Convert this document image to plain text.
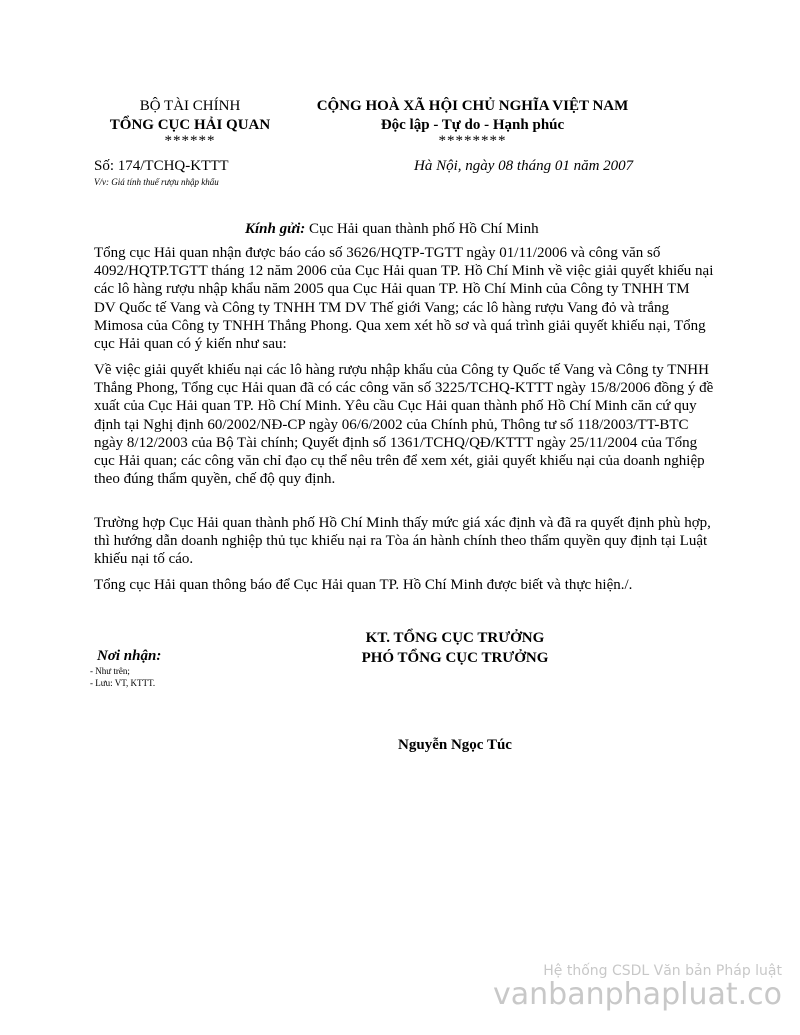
BỘ TÀI CHÍNH
TỔNG CỤC HẢI QUAN
******
CỘNG HOÀ XÃ HỘI CHỦ NGHĨA VIỆT NAM
Độc lập - Tự do - Hạnh phúc
********
Số: 174/TCHQ-KTTT
V/v: Giá tính thuế rượu nhập khẩu
Hà Nội, ngày 08 tháng 01 năm 2007
Kính gửi: Cục Hải quan thành phố Hồ Chí Minh
Tổng cục Hải quan nhận được báo cáo số 3626/HQTP-TGTT ngày 01/11/2006 và công văn số 4092/HQTP.TGTT tháng 12 năm 2006 của Cục Hải quan TP. Hồ Chí Minh về việc giải quyết khiếu nại các lô hàng rượu nhập khẩu năm 2005 qua Cục Hải quan TP. Hồ Chí Minh của Công ty TNHH TM DV Quốc tế Vang và Công ty TNHH TM DV Thế giới Vang; các lô hàng rượu Vang đỏ và trắng Mimosa của Công ty TNHH Thắng Phong. Qua xem xét hồ sơ và quá trình giải quyết khiếu nại, Tổng cục Hải quan có ý kiến như sau:
Về việc giải quyết khiếu nại các lô hàng rượu nhập khẩu của Công ty Quốc tế Vang và Công ty TNHH Thắng Phong, Tổng cục Hải quan đã có các công văn số 3225/TCHQ-KTTT ngày 15/8/2006 đồng ý đề xuất của Cục Hải quan TP. Hồ Chí Minh. Yêu cầu Cục Hải quan thành phố Hồ Chí Minh căn cứ quy định tại Nghị định 60/2002/NĐ-CP ngày 06/6/2002 của Chính phủ, Thông tư số 118/2003/TT-BTC ngày 8/12/2003 của Bộ Tài chính; Quyết định số 1361/TCHQ/QĐ/KTTT ngày 25/11/2004 của Tổng cục Hải quan; các công văn chỉ đạo cụ thể nêu trên để xem xét, giải quyết khiếu nại của doanh nghiệp theo đúng thẩm quyền, chế độ quy định.
Trường hợp Cục Hải quan thành phố Hồ Chí Minh thấy mức giá xác định và đã ra quyết định phù hợp, thì hướng dẫn doanh nghiệp thủ tục khiếu nại ra Tòa án hành chính theo thẩm quyền quy định tại Luật khiếu nại tố cáo.
Tổng cục Hải quan thông báo để Cục Hải quan TP. Hồ Chí Minh được biết và thực hiện./.
KT. TỔNG CỤC TRƯỞNG
PHÓ TỔNG CỤC TRƯỞNG
Nguyễn Ngọc Túc
Nơi nhận:
- Như trên;
- Lưu: VT, KTTT.
Hệ thống CSDL Văn bản Pháp luật
vanbanphapluat.co
